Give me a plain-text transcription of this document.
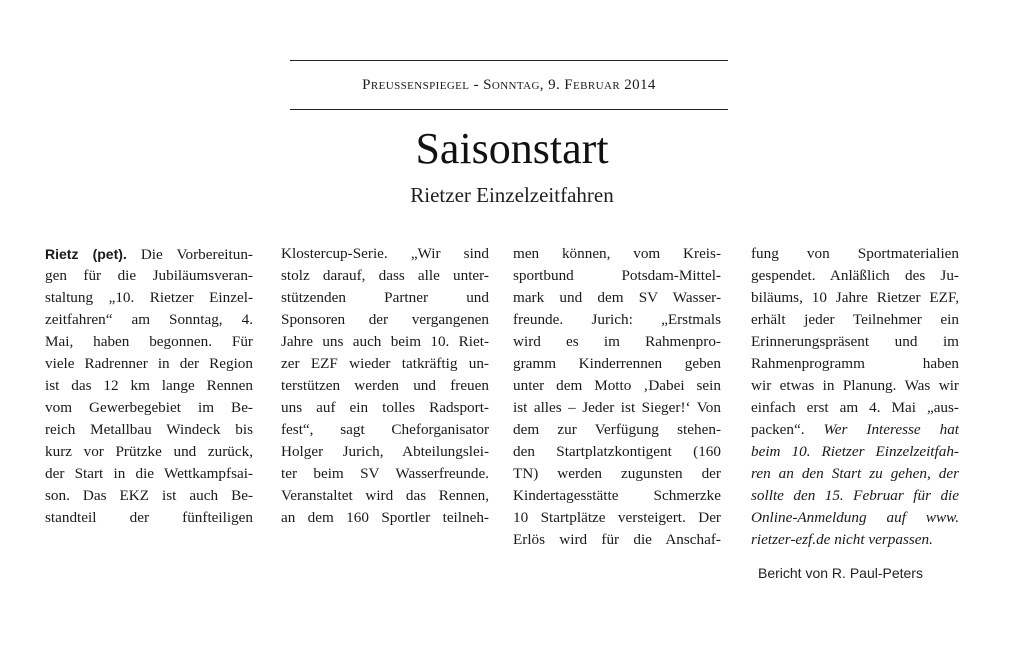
Preussenspiegel - Sonntag, 9. Februar 2014
Saisonstart
Rietzer Einzelzeitfahren
Rietz (pet). Die Vorbereitun-
gen für die Jubiläumsveran-
staltung „10. Rietzer Einzel-
zeitfahren“ am Sonntag, 4.
Mai, haben begonnen. Für
viele Radrenner in der Region
ist das 12 km lange Rennen
vom Gewerbegebiet im Be-
reich Metallbau Windeck bis
kurz vor Prützke und zurück,
der Start in die Wettkampfsai-
son. Das EKZ ist auch Be-
standteil der fünfteiligen
Klostercup-Serie. „Wir sind
stolz darauf, dass alle unter-
stützenden Partner und
Sponsoren der vergangenen
Jahre uns auch beim 10. Riet-
zer EZF wieder tatkräftig un-
terstützen werden und freuen
uns auf ein tolles Radsport-
fest“, sagt Cheforganisator
Holger Jurich, Abteilungslei-
ter beim SV Wasserfreunde.
Veranstaltet wird das Rennen,
an dem 160 Sportler teilneh-
men können, vom Kreis-
sportbund Potsdam-Mittel-
mark und dem SV Wasser-
freunde. Jurich: „Erstmals
wird es im Rahmenpro-
gramm Kinderrennen geben
unter dem Motto ‚Dabei sein
ist alles – Jeder ist Sieger!‘ Von
dem zur Verfügung stehen-
den Startplatzkontigent (160
TN) werden zugunsten der
Kindertagesstätte Schmerzke
10 Startplätze versteigert. Der
Erlös wird für die Anschaf-
fung von Sportmaterialien
gespendet. Anläßlich des Ju-
biläums, 10 Jahre Rietzer EZF,
erhält jeder Teilnehmer ein
Erinnerungspräsent und im
Rahmenprogramm haben
wir etwas in Planung. Was wir
einfach erst am 4. Mai „aus-
packen“. Wer Interesse hat
beim 10. Rietzer Einzelzeitfah-
ren an den Start zu gehen, der
sollte den 15. Februar für die
Online-Anmeldung auf www.
rietzer-ezf.de nicht verpassen.
Bericht von R. Paul-Peters
